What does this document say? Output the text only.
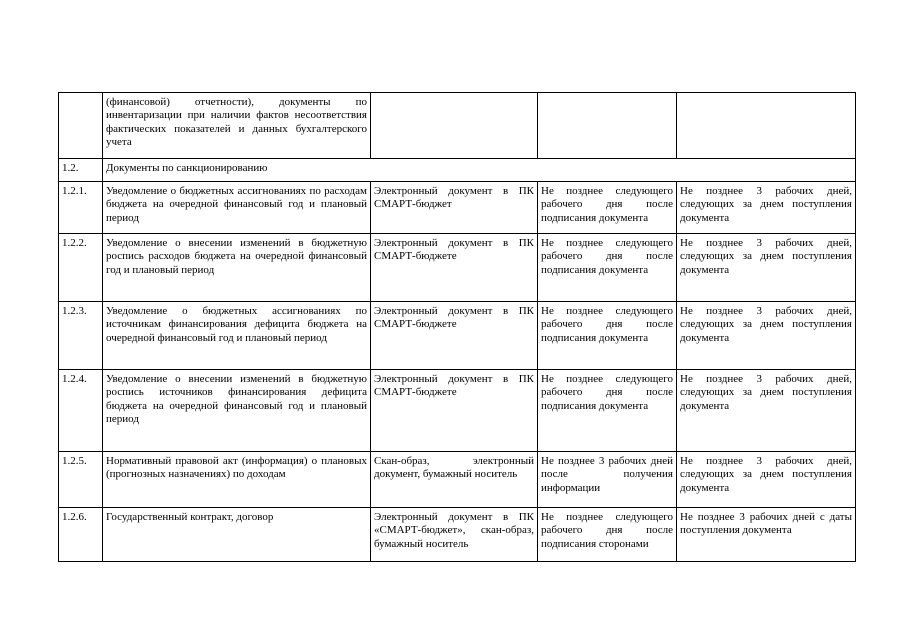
	(финансовой) отчетности), документы по инвентаризации при наличии фактов несоответствия фактических показателей и данных бухгалтерского учета			
1.2.	Документы по санкционированию			
1.2.1.	Уведомление о бюджетных ассигнованиях по расходам бюджета на очередной финансовый год и плановый период	Электронный документ в ПК СМАРТ-бюджет	Не позднее следующего рабочего дня после подписания документа	Не позднее 3 рабочих дней, следующих за днем поступления документа
1.2.2.	Уведомление о внесении изменений в бюджетную роспись расходов бюджета на очередной финансовый год и плановый период	Электронный документ в ПК СМАРТ-бюджете	Не позднее следующего рабочего дня после подписания документа	Не позднее 3 рабочих дней, следующих за днем поступления документа
1.2.3.	Уведомление о бюджетных ассигнованиях по источникам финансирования дефицита бюджета на очередной финансовый год и плановый период	Электронный документ в ПК СМАРТ-бюджете	Не позднее следующего рабочего дня после подписания документа	Не позднее 3 рабочих дней, следующих за днем поступления документа
1.2.4.	Уведомление о внесении изменений в бюджетную роспись источников финансирования дефицита бюджета на очередной финансовый год и плановый период	Электронный документ в ПК СМАРТ-бюджете	Не позднее следующего рабочего дня после подписания документа	Не позднее 3 рабочих дней, следующих за днем поступления документа
1.2.5.	Нормативный правовой акт (информация) о плановых (прогнозных назначениях) по доходам	Скан-образ, электронный документ, бумажный носитель	Не позднее 3 рабочих дней после получения информации	Не позднее 3 рабочих дней, следующих за днем поступления документа
1.2.6.	Государственный контракт, договор	Электронный документ в ПК «СМАРТ-бюджет», скан-образ, бумажный носитель	Не позднее следующего рабочего дня после подписания сторонами	Не позднее 3 рабочих дней с даты поступления документа
